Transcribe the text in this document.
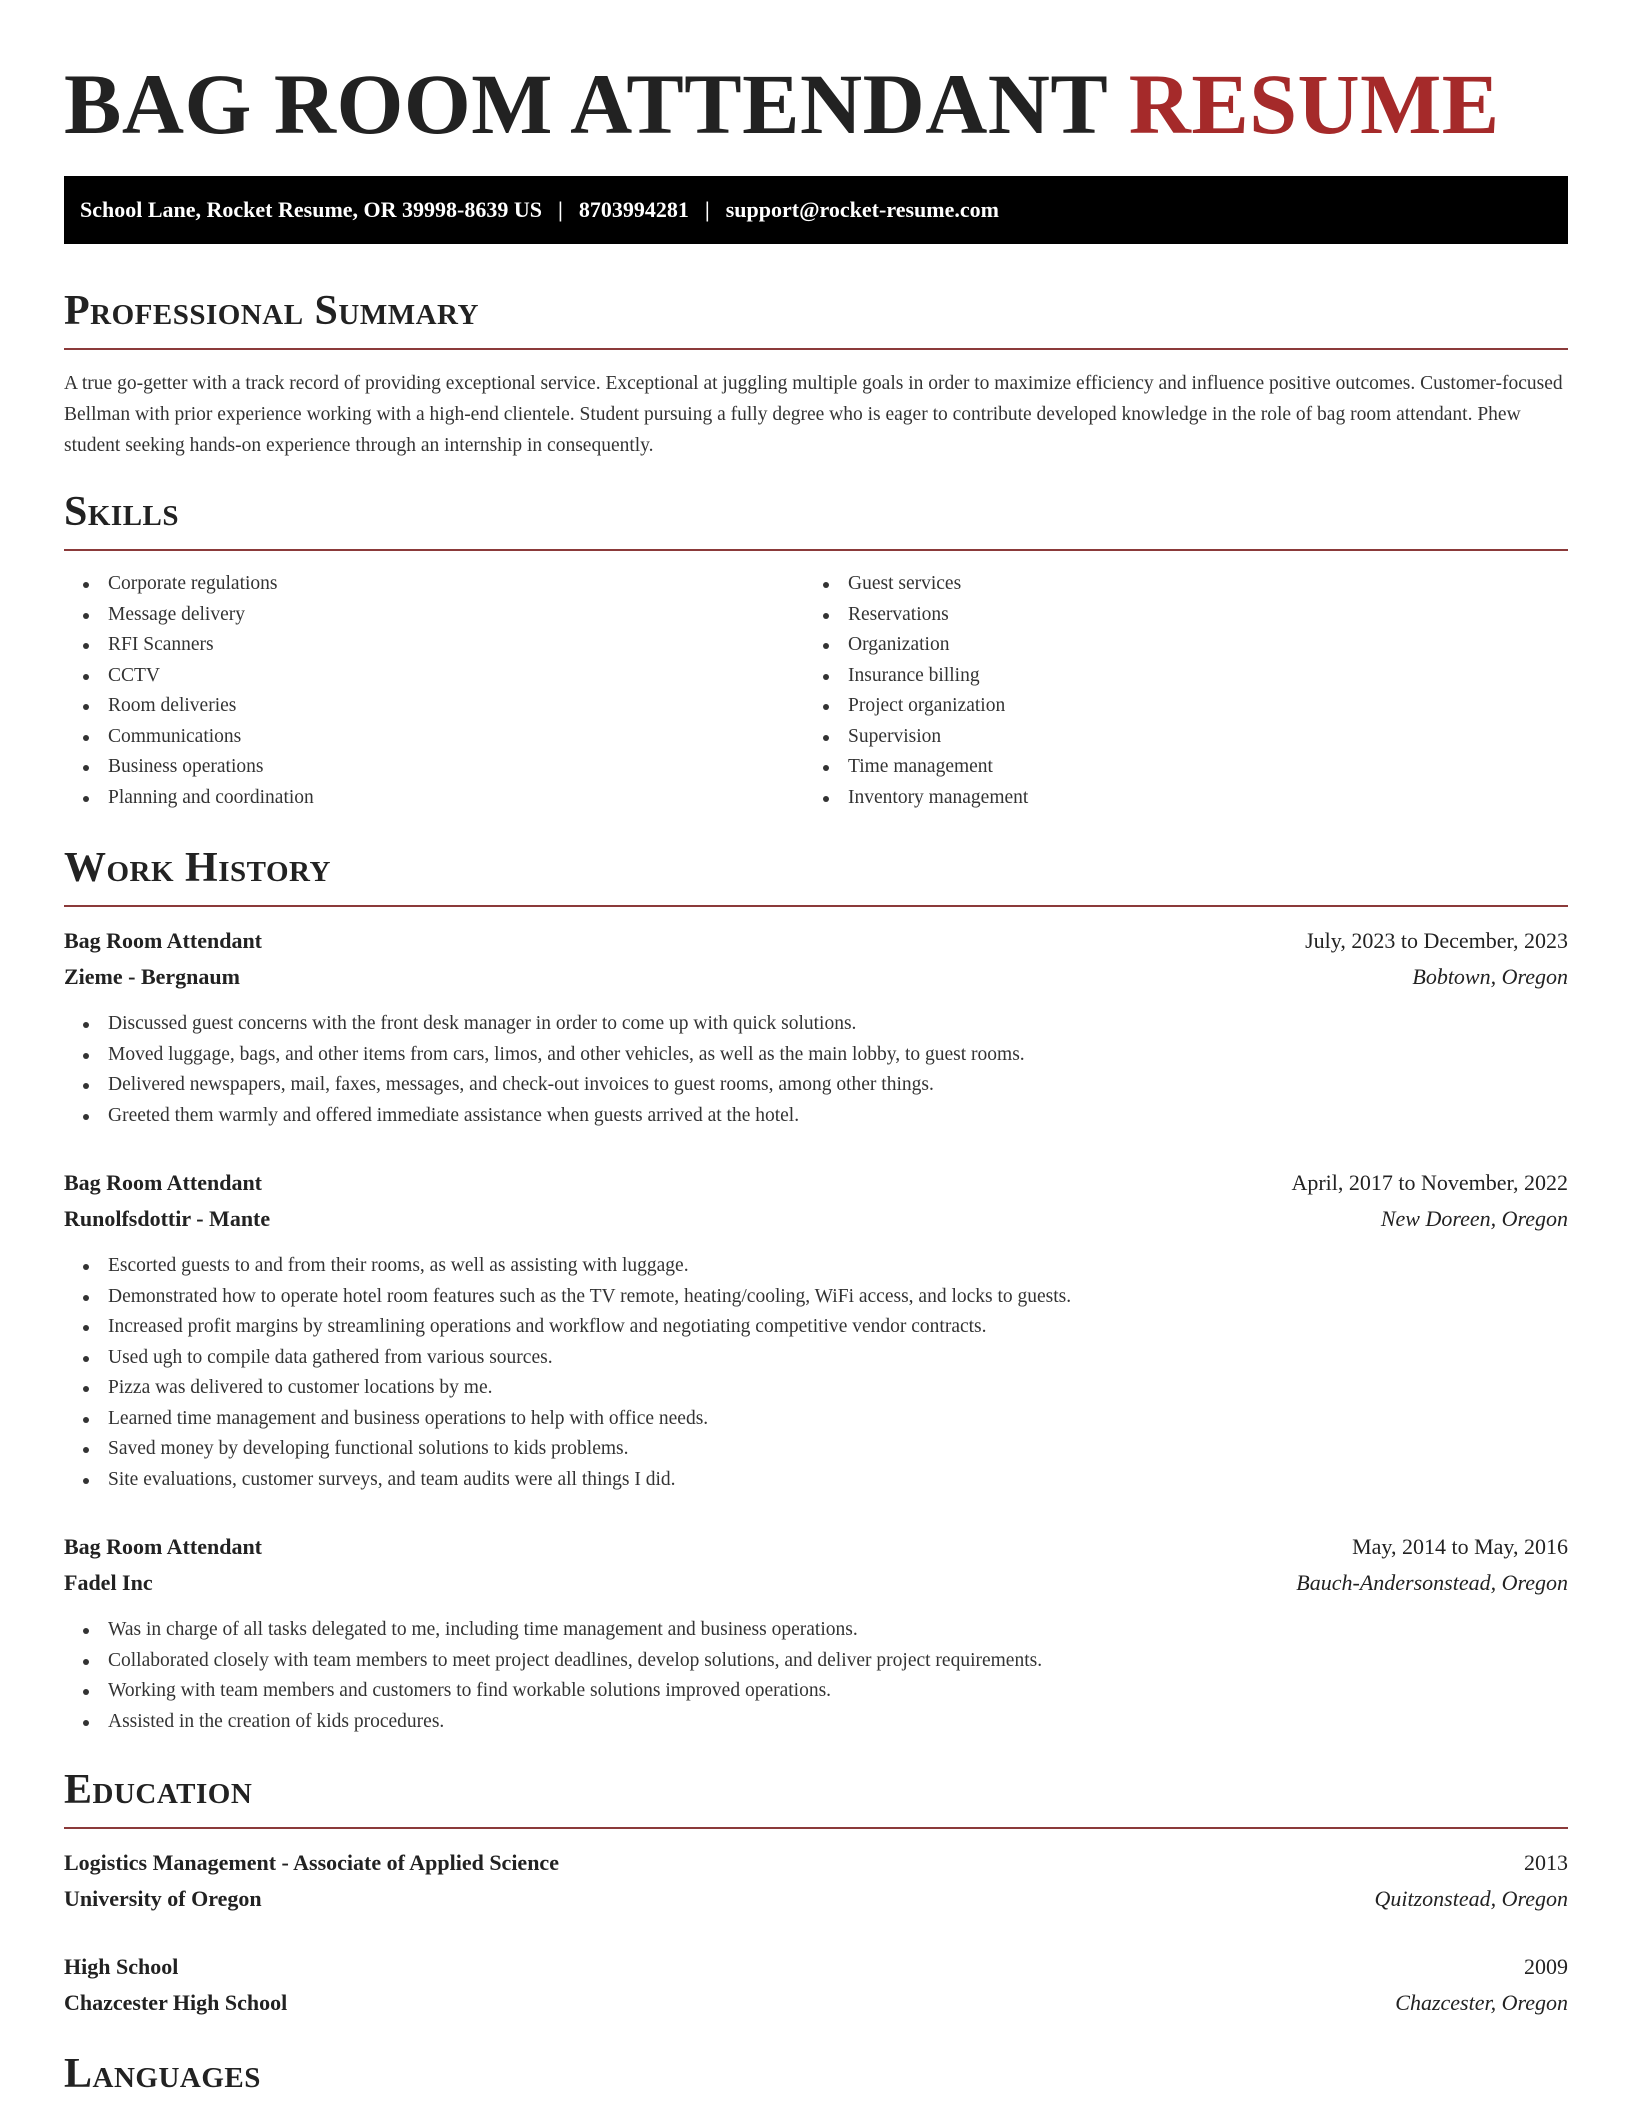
BAG ROOM ATTENDANT RESUME
School Lane, Rocket Resume, OR 39998-8639 US | 8703994281 | support@rocket-resume.com
Professional Summary

A true go-getter with a track record of providing exceptional service. Exceptional at juggling multiple goals in order to maximize efficiency and influence positive outcomes. Customer-focused Bellman with prior experience working with a high-end clientele. Student pursuing a fully degree who is eager to contribute developed knowledge in the role of bag room attendant. Phew student seeking hands-on experience through an internship in consequently.

Skills
Corporate regulations
Message delivery
RFI Scanners
CCTV
Room deliveries
Communications
Business operations
Planning and coordination
Guest services
Reservations
Organization
Insurance billing
Project organization
Supervision
Time management
Inventory management
Work History
Bag Room Attendant	July, 2023 to December, 2023
Zieme - Bergnaum	Bobtown, Oregon
Discussed guest concerns with the front desk manager in order to come up with quick solutions.
Moved luggage, bags, and other items from cars, limos, and other vehicles, as well as the main lobby, to guest rooms.
Delivered newspapers, mail, faxes, messages, and check-out invoices to guest rooms, among other things.
Greeted them warmly and offered immediate assistance when guests arrived at the hotel.
Bag Room Attendant	April, 2017 to November, 2022
Runolfsdottir - Mante	New Doreen, Oregon
Escorted guests to and from their rooms, as well as assisting with luggage.
Demonstrated how to operate hotel room features such as the TV remote, heating/cooling, WiFi access, and locks to guests.
Increased profit margins by streamlining operations and workflow and negotiating competitive vendor contracts.
Used ugh to compile data gathered from various sources.
Pizza was delivered to customer locations by me.
Learned time management and business operations to help with office needs.
Saved money by developing functional solutions to kids problems.
Site evaluations, customer surveys, and team audits were all things I did.
Bag Room Attendant	May, 2014 to May, 2016
Fadel Inc	Bauch-Andersonstead, Oregon
Was in charge of all tasks delegated to me, including time management and business operations.
Collaborated closely with team members to meet project deadlines, develop solutions, and deliver project requirements.
Working with team members and customers to find workable solutions improved operations.
Assisted in the creation of kids procedures.
Education
Logistics Management - Associate of Applied Science	2013
University of Oregon	Quitzonstead, Oregon
High School	2009
Chazcester High School	Chazcester, Oregon
Languages
